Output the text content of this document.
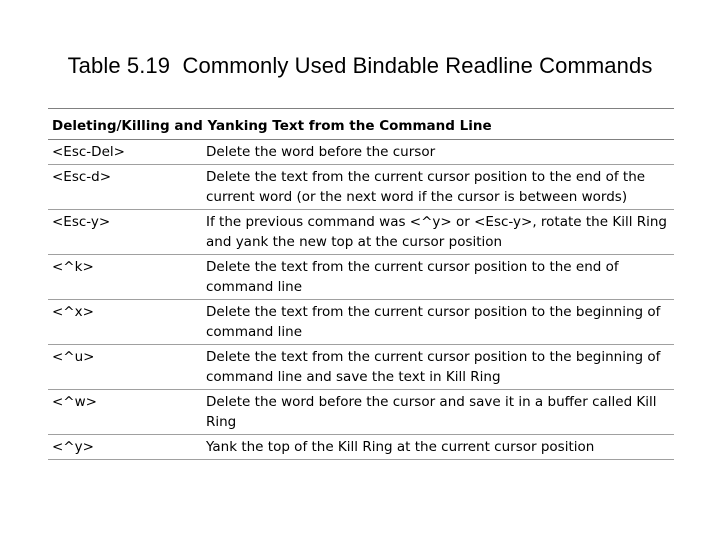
Table 5.19  Commonly Used Bindable Readline Commands
Deleting/Killing and Yanking Text from the Command Line	
<Esc-Del>	Delete the word before the cursor
<Esc-d>	Delete the text from the current cursor position to the end of the current word (or the next word if the cursor is between words)
<Esc-y>	If the previous command was <^y> or <Esc-y>, rotate the Kill Ring and yank the new top at the cursor position
<^k>	Delete the text from the current cursor position to the end of command line
<^x>	Delete the text from the current cursor position to the beginning of command line
<^u>	Delete the text from the current cursor position to the beginning of command line and save the text in Kill Ring
<^w>	Delete the word before the cursor and save it in a buffer called Kill Ring
<^y>	Yank the top of the Kill Ring at the current cursor position
